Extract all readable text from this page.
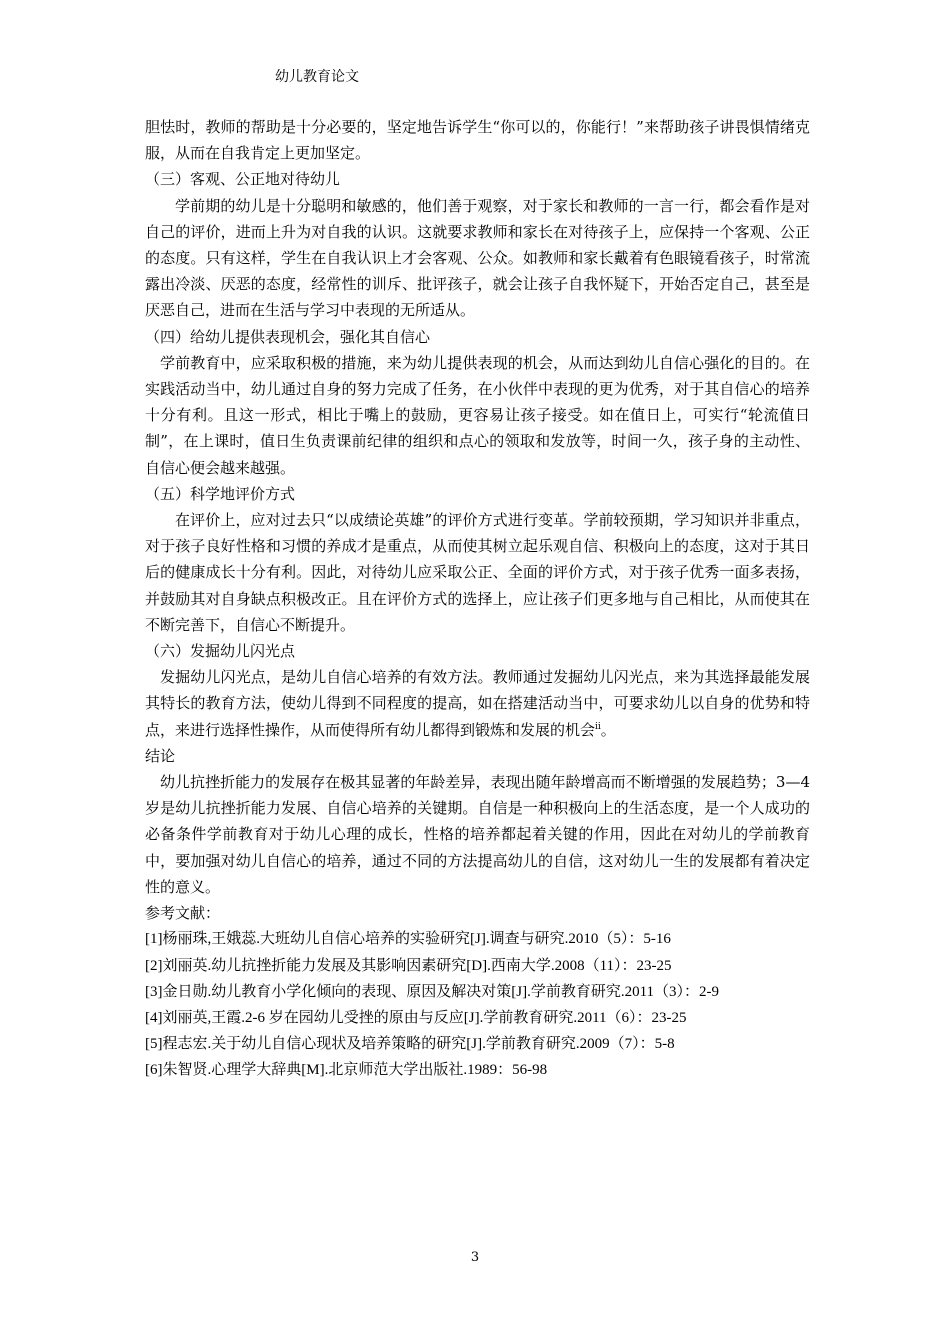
幼儿教育论文

胆怯时，教师的帮助是十分必要的，坚定地告诉学生“你可以的，你能行！”来帮助孩子讲畏惧情绪克服，从而在自我肯定上更加坚定。

（三）客观、公正地对待幼儿

学前期的幼儿是十分聪明和敏感的，他们善于观察，对于家长和教师的一言一行，都会看作是对自己的评价，进而上升为对自我的认识。这就要求教师和家长在对待孩子上，应保持一个客观、公正的态度。只有这样，学生在自我认识上才会客观、公众。如教师和家长戴着有色眼镜看孩子，时常流露出冷淡、厌恶的态度，经常性的训斥、批评孩子，就会让孩子自我怀疑下，开始否定自己，甚至是厌恶自己，进而在生活与学习中表现的无所适从。

（四）给幼儿提供表现机会，强化其自信心

学前教育中，应采取积极的措施，来为幼儿提供表现的机会，从而达到幼儿自信心强化的目的。在实践活动当中，幼儿通过自身的努力完成了任务，在小伙伴中表现的更为优秀，对于其自信心的培养十分有利。且这一形式，相比于嘴上的鼓励，更容易让孩子接受。如在值日上，可实行“轮流值日制”，在上课时，值日生负责课前纪律的组织和点心的领取和发放等，时间一久，孩子身的主动性、自信心便会越来越强。

（五）科学地评价方式

在评价上，应对过去只“以成绩论英雄”的评价方式进行变革。学前较预期，学习知识并非重点，对于孩子良好性格和习惯的养成才是重点，从而使其树立起乐观自信、积极向上的态度，这对于其日后的健康成长十分有利。因此，对待幼儿应采取公正、全面的评价方式，对于孩子优秀一面多表扬，并鼓励其对自身缺点积极改正。且在评价方式的选择上，应让孩子们更多地与自己相比，从而使其在不断完善下，自信心不断提升。

（六）发掘幼儿闪光点

发掘幼儿闪光点，是幼儿自信心培养的有效方法。教师通过发掘幼儿闪光点，来为其选择最能发展其特长的教育方法，使幼儿得到不同程度的提高，如在搭建活动当中，可要求幼儿以自身的优势和特点，来进行选择性操作，从而使得所有幼儿都得到锻炼和发展的机会$^{ii}$。

结论

幼儿抗挫折能力的发展存在极其显著的年龄差异，表现出随年龄增高而不断增强的发展趋势；3—4 岁是幼儿抗挫折能力发展、自信心培养的关键期。自信是一种积极向上的生活态度，是一个人成功的必备条件学前教育对于幼儿心理的成长，性格的培养都起着关键的作用，因此在对幼儿的学前教育中，要加强对幼儿自信心的培养，通过不同的方法提高幼儿的自信，这对幼儿一生的发展都有着决定性的意义。

参考文献：

[1]杨丽珠,王娥蕊.大班幼儿自信心培养的实验研究[J].调查与研究.2010（5）：5-16

[2]刘丽英.幼儿抗挫折能力发展及其影响因素研究[D].西南大学.2008（11）：23-25

[3]金日勋.幼儿教育小学化倾向的表现、原因及解决对策[J].学前教育研究.2011（3）：2-9

[4]刘丽英,王霞.2-6 岁在园幼儿受挫的原由与反应[J].学前教育研究.2011（6）：23-25

[5]程志宏.关于幼儿自信心现状及培养策略的研究[J].学前教育研究.2009（7）：5-8

[6]朱智贤.心理学大辞典[M].北京师范大学出版社.1989：56-98

3
